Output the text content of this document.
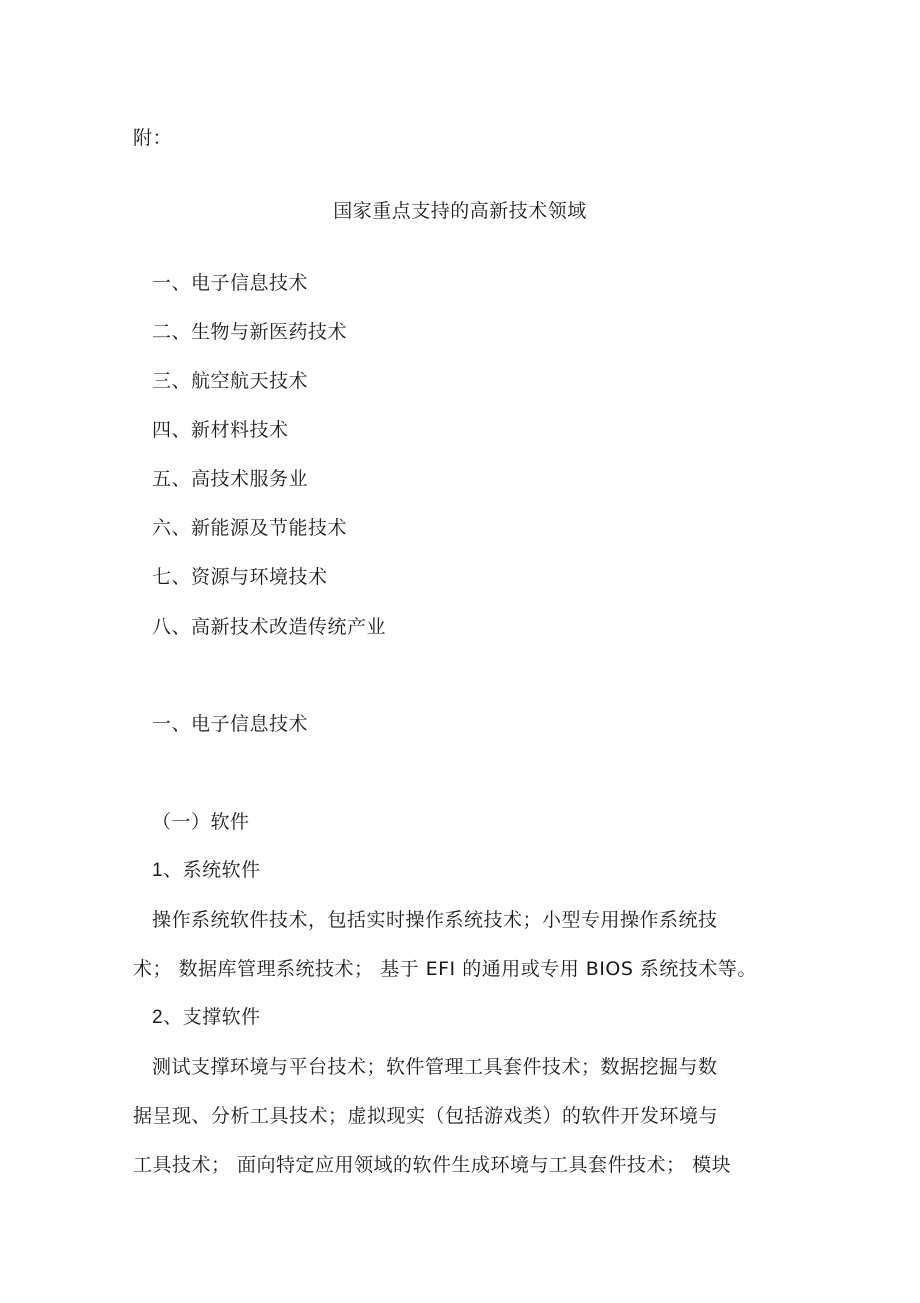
附：
国家重点支持的高新技术领域
一、电子信息技术
二、生物与新医药技术
三、航空航天技术
四、新材料技术
五、高技术服务业
六、新能源及节能技术
七、资源与环境技术
八、高新技术改造传统产业
一、电子信息技术
（一）软件
1、系统软件
操作系统软件技术，包括实时操作系统技术；小型专用操作系统技
术； 数据库管理系统技术； 基于 EFI 的通用或专用 BIOS 系统技术等。
2、支撑软件
测试支撑环境与平台技术；软件管理工具套件技术；数据挖掘与数
据呈现、分析工具技术；虚拟现实（包括游戏类）的软件开发环境与
工具技术； 面向特定应用领域的软件生成环境与工具套件技术； 模块
